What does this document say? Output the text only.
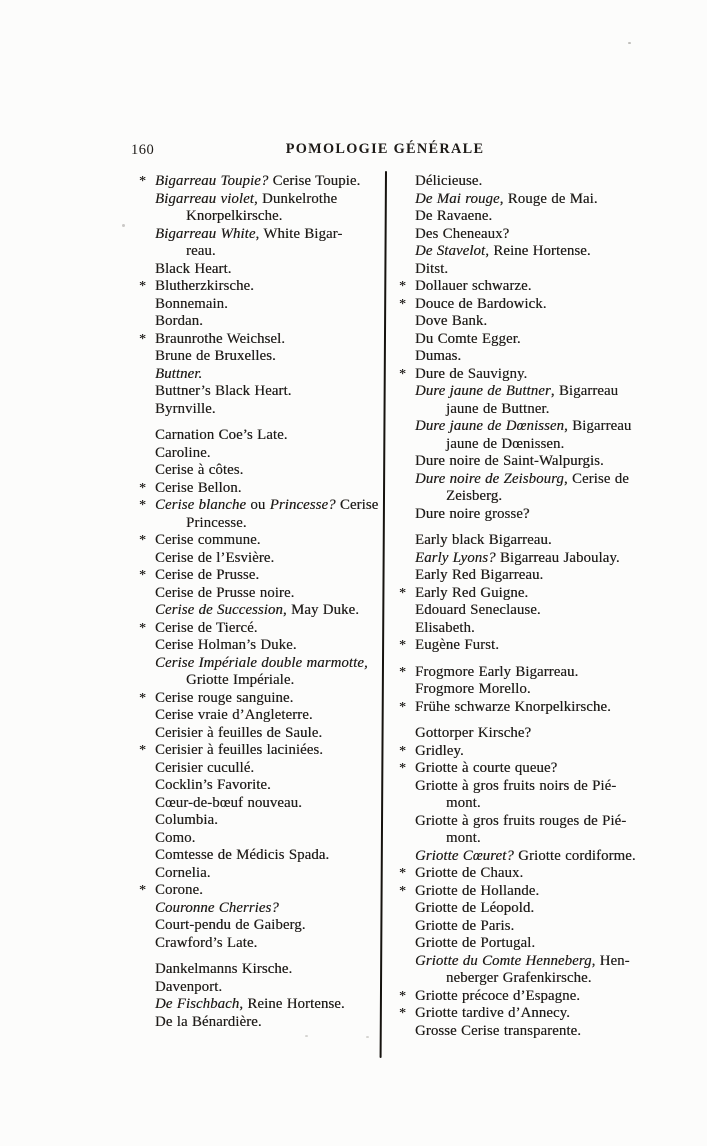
160	POMOLOGIE GÉNÉRALE
* Bigarreau Toupie? Cerise Toupie.
Bigarreau violet, Dunkelrothe
Knorpelkirsche.
Bigarreau White, White Bigar-
reau.
Black Heart.
* Blutherzkirsche.
Bonnemain.
Bordan.
* Braunrothe Weichsel.
Brune de Bruxelles.
Buttner.
Buttner’s Black Heart.
Byrnville.
Carnation Coe’s Late.
Caroline.
Cerise à côtes.
* Cerise Bellon.
* Cerise blanche ou Princesse? Cerise
Princesse.
* Cerise commune.
Cerise de l’Esvière.
* Cerise de Prusse.
Cerise de Prusse noire.
Cerise de Succession, May Duke.
* Cerise de Tiercé.
Cerise Holman’s Duke.
Cerise Impériale double marmotte,
Griotte Impériale.
* Cerise rouge sanguine.
Cerise vraie d’Angleterre.
Cerisier à feuilles de Saule.
* Cerisier à feuilles laciniées.
Cerisier cucullé.
Cocklin’s Favorite.
Cœur-de-bœuf nouveau.
Columbia.
Como.
Comtesse de Médicis Spada.
Cornelia.
* Corone.
Couronne Cherries?
Court-pendu de Gaiberg.
Crawford’s Late.
Dankelmanns Kirsche.
Davenport.
De Fischbach, Reine Hortense.
De la Bénardière.
Délicieuse.
De Mai rouge, Rouge de Mai.
De Ravaene.
Des Cheneaux?
De Stavelot, Reine Hortense.
Ditst.
* Dollauer schwarze.
* Douce de Bardowick.
Dove Bank.
Du Comte Egger.
Dumas.
* Dure de Sauvigny.
Dure jaune de Buttner, Bigarreau
jaune de Buttner.
Dure jaune de Dœnissen, Bigarreau
jaune de Dœnissen.
Dure noire de Saint-Walpurgis.
Dure noire de Zeisbourg, Cerise de
Zeisberg.
Dure noire grosse?
Early black Bigarreau.
Early Lyons? Bigarreau Jaboulay.
Early Red Bigarreau.
* Early Red Guigne.
Edouard Seneclause.
Elisabeth.
* Eugène Furst.
* Frogmore Early Bigarreau.
Frogmore Morello.
* Frühe schwarze Knorpelkirsche.
Gottorper Kirsche?
* Gridley.
* Griotte à courte queue?
Griotte à gros fruits noirs de Pié-
mont.
Griotte à gros fruits rouges de Pié-
mont.
Griotte Cœuret? Griotte cordiforme.
* Griotte de Chaux.
* Griotte de Hollande.
Griotte de Léopold.
Griotte de Paris.
Griotte de Portugal.
Griotte du Comte Henneberg, Hen-
neberger Grafenkirsche.
* Griotte précoce d’Espagne.
* Griotte tardive d’Annecy.
Grosse Cerise transparente.
